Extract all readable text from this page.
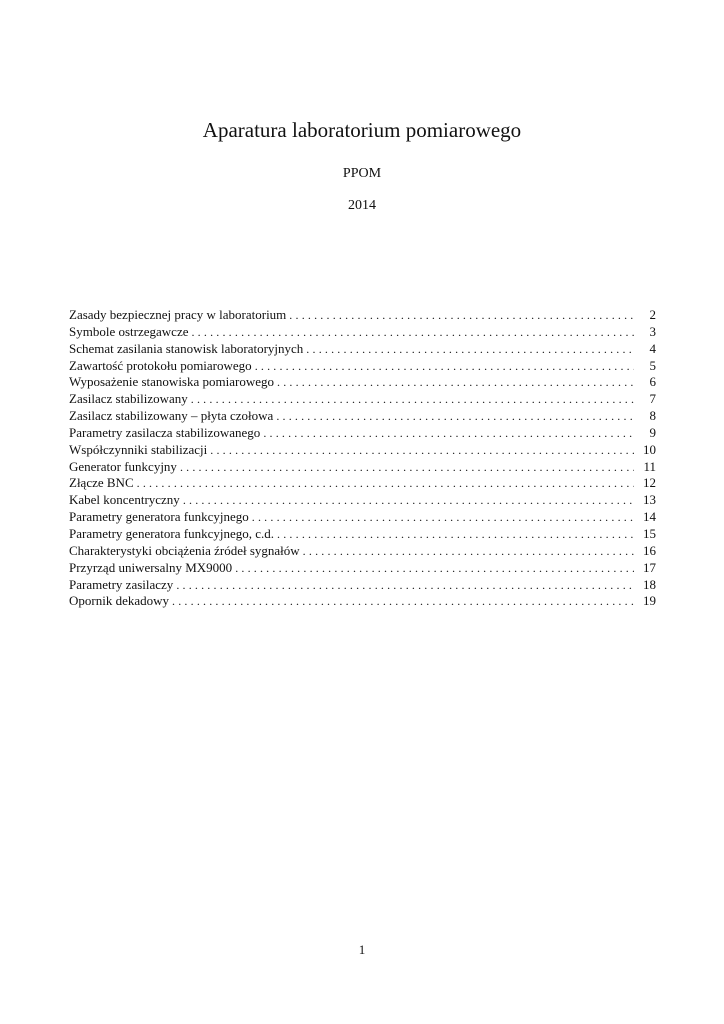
Aparatura laboratorium pomiarowego
PPOM
2014
Zasady bezpiecznej pracy w laboratorium . . .	2
Symbole ostrzegawcze . . .	3
Schemat zasilania stanowisk laboratoryjnych . . .	4
Zawartość protokołu pomiarowego . . .	5
Wyposażenie stanowiska pomiarowego . . .	6
Zasilacz stabilizowany . . .	7
Zasilacz stabilizowany – płyta czołowa . . .	8
Parametry zasilacza stabilizowanego . . .	9
Współczynniki stabilizacji . . .	10
Generator funkcyjny . . .	11
Złącze BNC . . .	12
Kabel koncentryczny . . .	13
Parametry generatora funkcyjnego . . .	14
Parametry generatora funkcyjnego, c.d. . . .	15
Charakterystyki obciążenia źródeł sygnałów . . .	16
Przyrząd uniwersalny MX9000 . . .	17
Parametry zasilaczy . . .	18
Opornik dekadowy . . .	19
1
